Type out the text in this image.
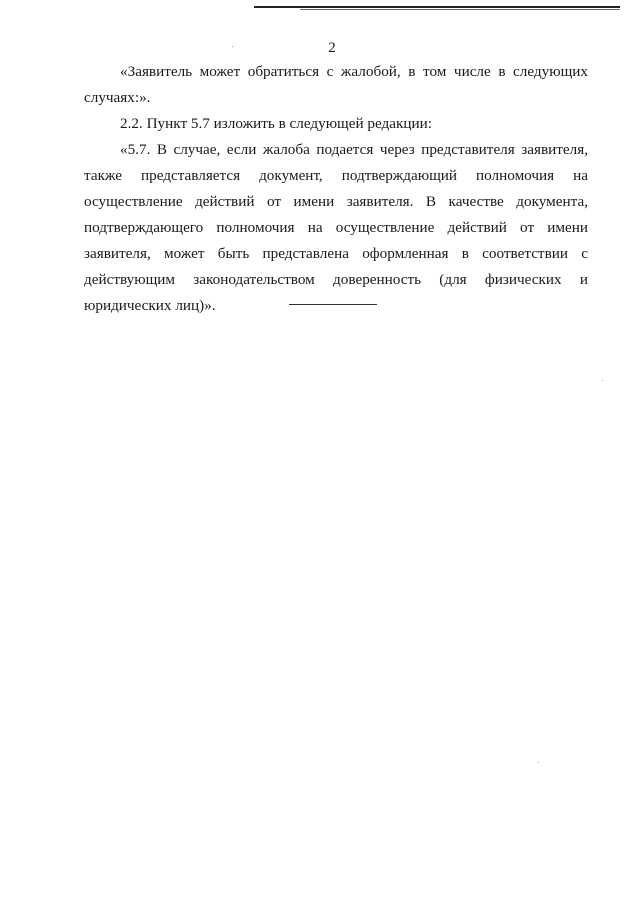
2

«Заявитель может обратиться с жалобой, в том числе в следующих случаях:».

2.2. Пункт 5.7 изложить в следующей редакции:

«5.7. В случае, если жалоба подается через представителя заявителя, также представляется документ, подтверждающий полномочия на осуществление действий от имени заявителя. В качестве документа, подтверждающего полномочия на осуществление действий от имени заявителя, может быть представлена оформленная в соответствии с действующим законодательством доверенность (для физических и юридических лиц)».
